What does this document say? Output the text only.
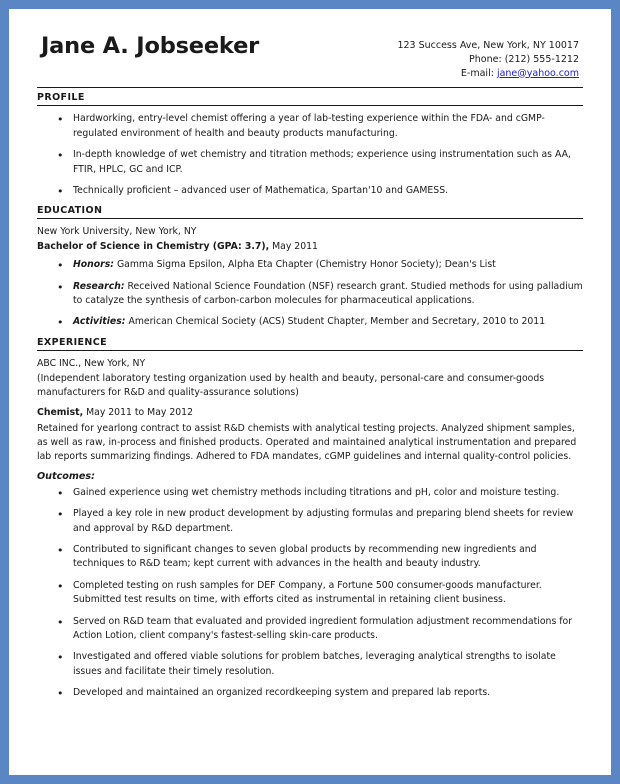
Jane A. Jobseeker	123 Success Ave, New York, NY 10017
Phone: (212) 555-1212
E-mail: jane@yahoo.com
PROFILE
• Hardworking, entry-level chemist offering a year of lab-testing experience within the FDA- and cGMP-regulated environment of health and beauty products manufacturing.
• In-depth knowledge of wet chemistry and titration methods; experience using instrumentation such as AA, FTIR, HPLC, GC and ICP.
• Technically proficient – advanced user of Mathematica, Spartan'10 and GAMESS.
EDUCATION
New York University, New York, NY
Bachelor of Science in Chemistry (GPA: 3.7), May 2011
• Honors: Gamma Sigma Epsilon, Alpha Eta Chapter (Chemistry Honor Society); Dean's List
• Research: Received National Science Foundation (NSF) research grant. Studied methods for using palladium to catalyze the synthesis of carbon-carbon molecules for pharmaceutical applications.
• Activities: American Chemical Society (ACS) Student Chapter, Member and Secretary, 2010 to 2011
EXPERIENCE
ABC INC., New York, NY
(Independent laboratory testing organization used by health and beauty, personal-care and consumer-goods manufacturers for R&D and quality-assurance solutions)
Chemist, May 2011 to May 2012
Retained for yearlong contract to assist R&D chemists with analytical testing projects. Analyzed shipment samples, as well as raw, in-process and finished products. Operated and maintained analytical instrumentation and prepared lab reports summarizing findings. Adhered to FDA mandates, cGMP guidelines and internal quality-control policies.
Outcomes:
• Gained experience using wet chemistry methods including titrations and pH, color and moisture testing.
• Played a key role in new product development by adjusting formulas and preparing blend sheets for review and approval by R&D department.
• Contributed to significant changes to seven global products by recommending new ingredients and techniques to R&D team; kept current with advances in the health and beauty industry.
• Completed testing on rush samples for DEF Company, a Fortune 500 consumer-goods manufacturer. Submitted test results on time, with efforts cited as instrumental in retaining client business.
• Served on R&D team that evaluated and provided ingredient formulation adjustment recommendations for Action Lotion, client company's fastest-selling skin-care products.
• Investigated and offered viable solutions for problem batches, leveraging analytical strengths to isolate issues and facilitate their timely resolution.
• Developed and maintained an organized recordkeeping system and prepared lab reports.
